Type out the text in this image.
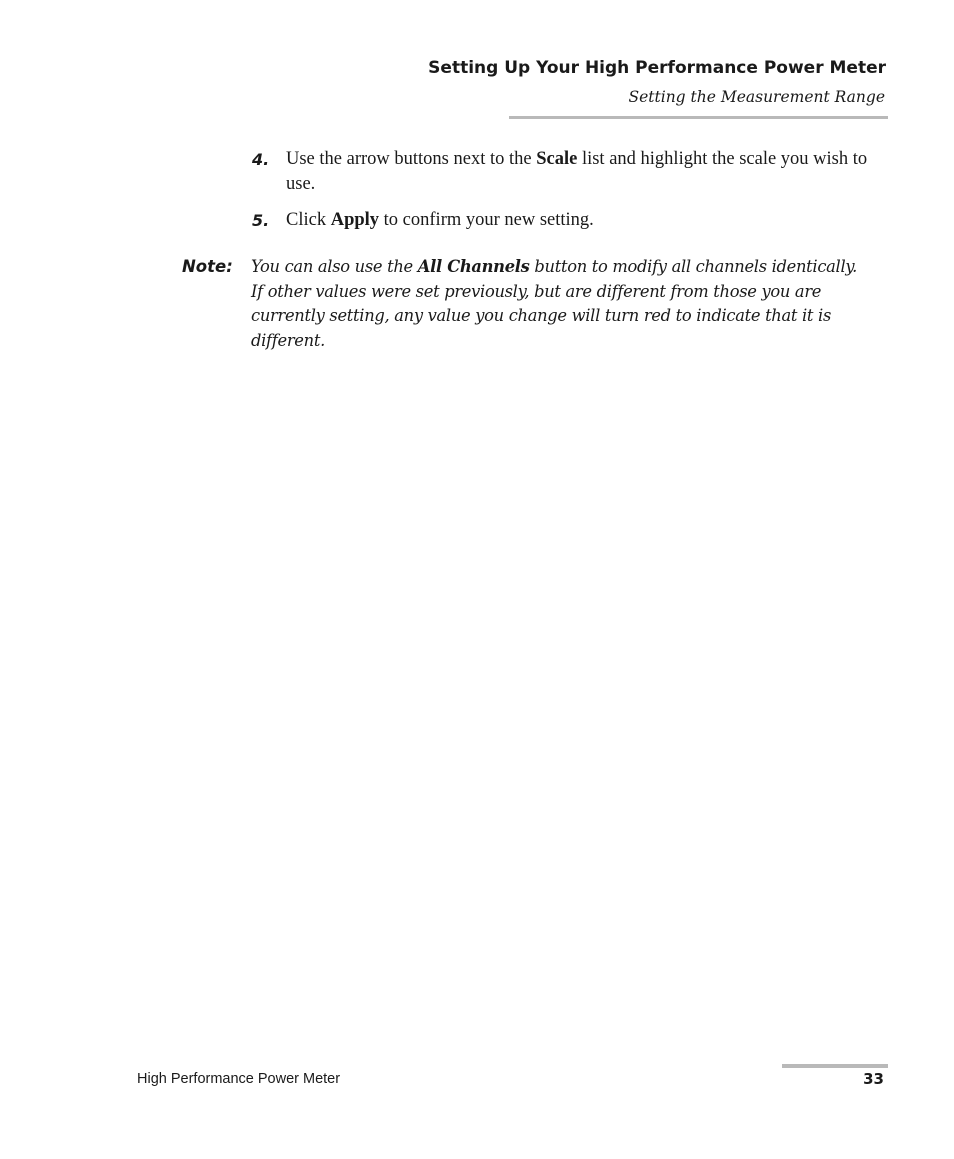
Setting Up Your High Performance Power Meter
Setting the Measurement Range
4. Use the arrow buttons next to the Scale list and highlight the scale you wish to use.
5. Click Apply to confirm your new setting.
Note: You can also use the All Channels button to modify all channels identically.
If other values were set previously, but are different from those you are
currently setting, any value you change will turn red to indicate that it is
different.
High Performance Power Meter	33
